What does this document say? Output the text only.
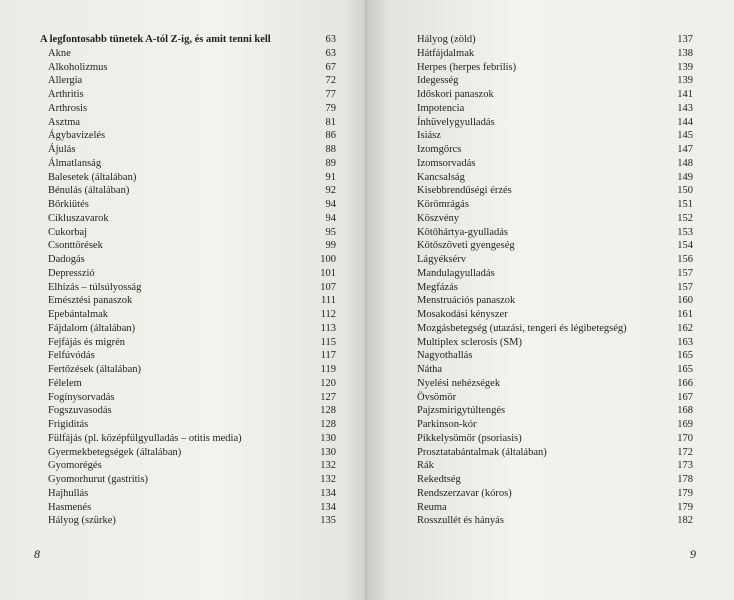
A legfontosabb tünetek A-tól Z-ig, és amit tenni kell	63
Akne	63
Alkoholizmus	67
Allergia	72
Arthritis	77
Arthrosis	79
Asztma	81
Ágybavizelés	86
Ájulás	88
Álmatlanság	89
Balesetek (általában)	91
Bénulás (általában)	92
Bőrkiütés	94
Cikluszavarok	94
Cukorbaj	95
Csonttörések	99
Dadogás	100
Depresszió	101
Elhízás – túlsúlyosság	107
Emésztési panaszok	111
Epebántalmak	112
Fájdalom (általában)	113
Fejfájás és migrén	115
Felfúvódás	117
Fertőzések (általában)	119
Félelem	120
Fogínysorvadás	127
Fogszuvasodás	128
Frigiditás	128
Fülfájás (pl. középfülgyulladás – otitis media)	130
Gyermekbetegségek (általában)	130
Gyomorégés	132
Gyomorhurut (gastritis)	132
Hajhullás	134
Hasmenés	134
Hályog (szürke)	135
8
Hályog (zöld)	137
Hátfájdalmak	138
Herpes (herpes febrilis)	139
Idegesség	139
Időskori panaszok	141
Impotencia	143
Ínhüvelygyulladás	144
Isiász	145
Izomgörcs	147
Izomsorvadás	148
Kancsalság	149
Kisebbrendűségi érzés	150
Körömrágás	151
Köszvény	152
Kötőhártya-gyulladás	153
Kötőszöveti gyengeség	154
Lágyéksérv	156
Mandulagyulladás	157
Megfázás	157
Menstruációs panaszok	160
Mosakodási kényszer	161
Mozgásbetegség (utazási, tengeri és légibetegség)	162
Multiplex sclerosis (SM)	163
Nagyothallás	165
Nátha	165
Nyelési nehézségek	166
Övsömör	167
Pajzsmirigytúltengés	168
Parkinson-kór	169
Pikkelysömör (psoriasis)	170
Prosztatabántalmak (általában)	172
Rák	173
Rekedtség	178
Rendszerzavar (kóros)	179
Reuma	179
Rosszullét és hányás	182
9
